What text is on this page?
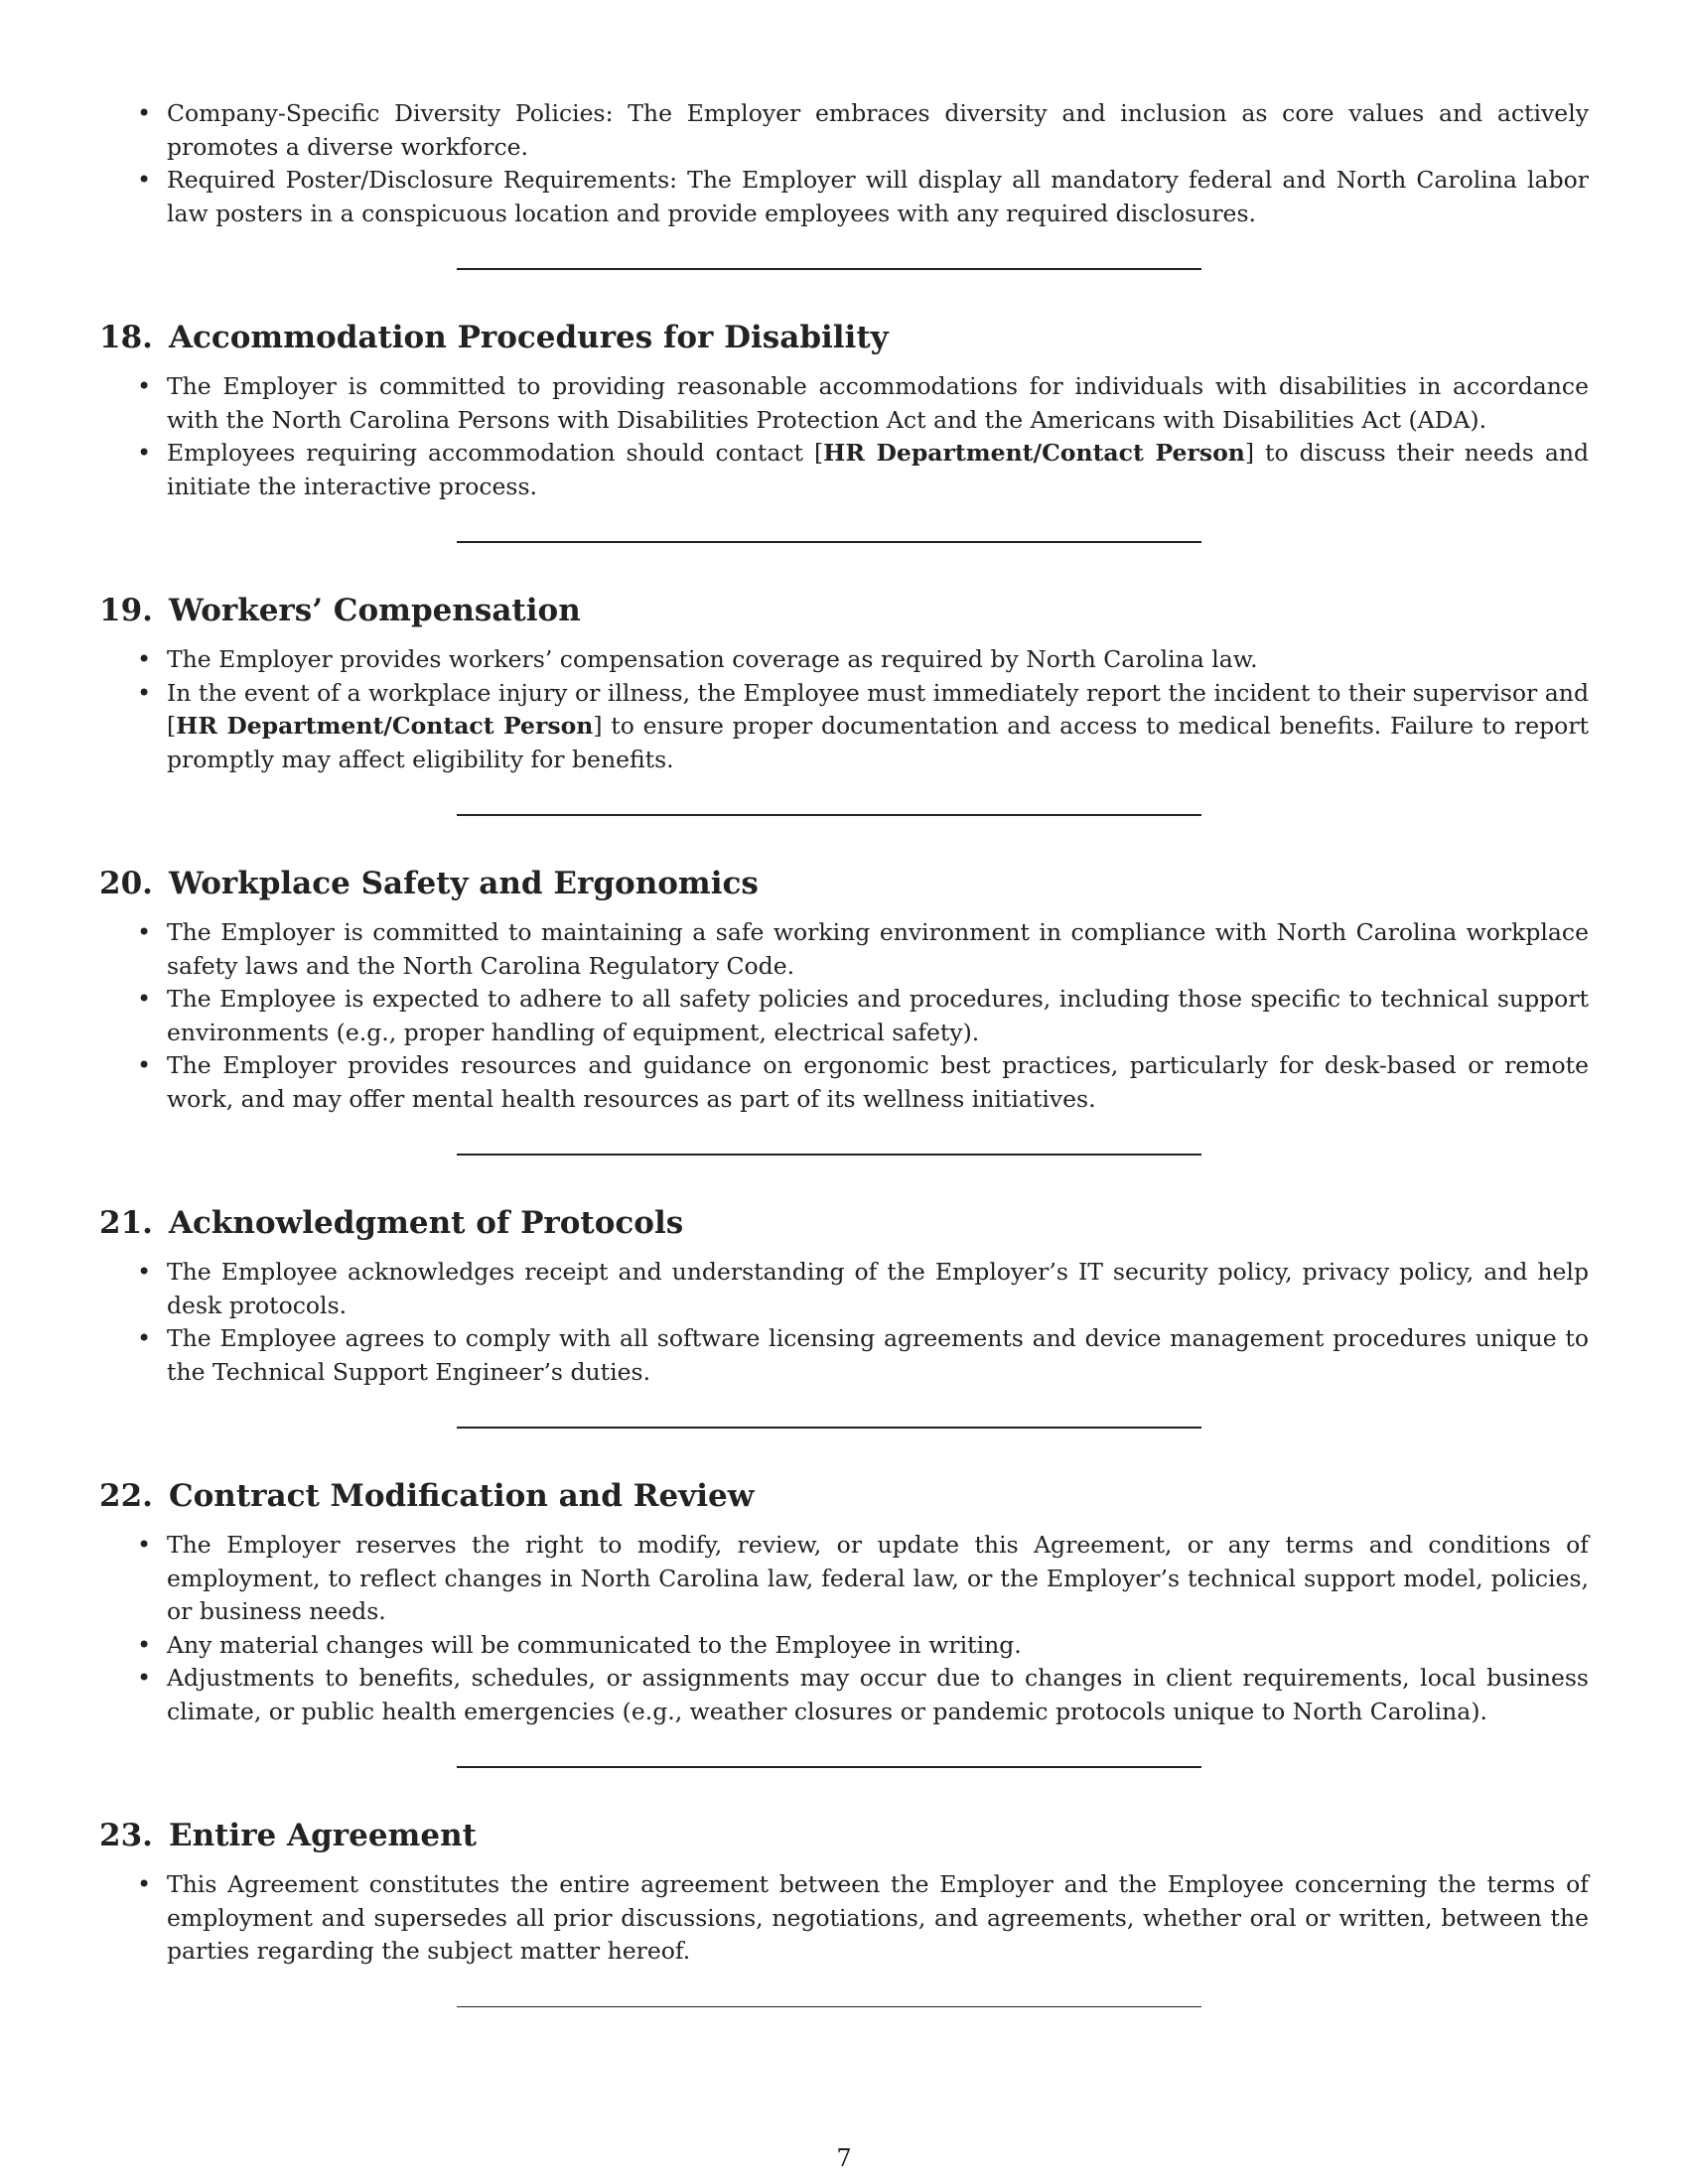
• Company-Specific Diversity Policies: The Employer embraces diversity and inclusion as core values and actively promotes a diverse workforce.
• Required Poster/Disclosure Requirements: The Employer will display all mandatory federal and North Carolina labor law posters in a conspicuous location and provide employees with any required disclosures.
18. Accommodation Procedures for Disability
• The Employer is committed to providing reasonable accommodations for individuals with disabilities in accordance with the North Carolina Persons with Disabilities Protection Act and the Americans with Disabilities Act (ADA).
• Employees requiring accommodation should contact [HR Department/Contact Person] to discuss their needs and initiate the interactive process.
19. Workers’ Compensation
• The Employer provides workers’ compensation coverage as required by North Carolina law.
• In the event of a workplace injury or illness, the Employee must immediately report the incident to their supervisor and [HR Department/Contact Person] to ensure proper documentation and access to medical benefits. Failure to report promptly may affect eligibility for benefits.
20. Workplace Safety and Ergonomics
• The Employer is committed to maintaining a safe working environment in compliance with North Carolina workplace safety laws and the North Carolina Regulatory Code.
• The Employee is expected to adhere to all safety policies and procedures, including those specific to technical support environments (e.g., proper handling of equipment, electrical safety).
• The Employer provides resources and guidance on ergonomic best practices, particularly for desk-based or remote work, and may offer mental health resources as part of its wellness initiatives.
21. Acknowledgment of Protocols
• The Employee acknowledges receipt and understanding of the Employer’s IT security policy, privacy policy, and help desk protocols.
• The Employee agrees to comply with all software licensing agreements and device management procedures unique to the Technical Support Engineer’s duties.
22. Contract Modification and Review
• The Employer reserves the right to modify, review, or update this Agreement, or any terms and conditions of employment, to reflect changes in North Carolina law, federal law, or the Employer’s technical support model, policies, or business needs.
• Any material changes will be communicated to the Employee in writing.
• Adjustments to benefits, schedules, or assignments may occur due to changes in client requirements, local business climate, or public health emergencies (e.g., weather closures or pandemic protocols unique to North Carolina).
23. Entire Agreement
• This Agreement constitutes the entire agreement between the Employer and the Employee concerning the terms of employment and supersedes all prior discussions, negotiations, and agreements, whether oral or written, between the parties regarding the subject matter hereof.
7
